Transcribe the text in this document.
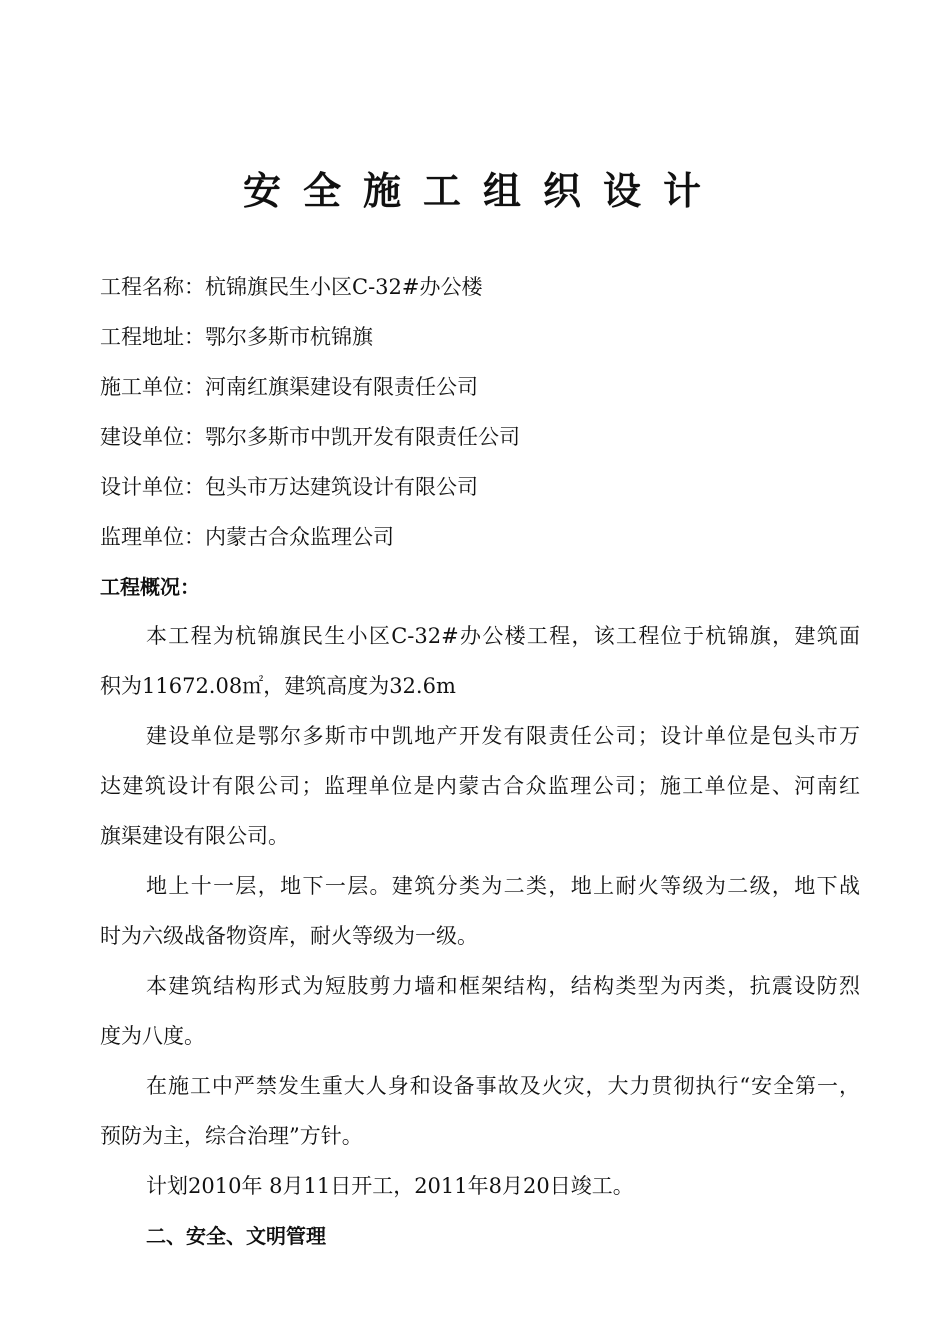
安全施工组织设计
工程名称：杭锦旗民生小区C-32#办公楼
工程地址：鄂尔多斯市杭锦旗
施工单位：河南红旗渠建设有限责任公司
建设单位：鄂尔多斯市中凯开发有限责任公司
设计单位：包头市万达建筑设计有限公司
监理单位：内蒙古合众监理公司
工程概况：
本工程为杭锦旗民生小区C-32#办公楼工程，该工程位于杭锦旗，建筑面
积为11672.08㎡，建筑高度为32.6m
建设单位是鄂尔多斯市中凯地产开发有限责任公司；设计单位是包头市万
达建筑设计有限公司；监理单位是内蒙古合众监理公司；施工单位是、河南红
旗渠建设有限公司。
地上十一层，地下一层。建筑分类为二类，地上耐火等级为二级，地下战
时为六级战备物资库，耐火等级为一级。
本建筑结构形式为短肢剪力墙和框架结构，结构类型为丙类，抗震设防烈
度为八度。
在施工中严禁发生重大人身和设备事故及火灾，大力贯彻执行“安全第一，
预防为主，综合治理”方针。
计划2010年 8月11日开工，2011年8月20日竣工。
二、安全、文明管理
